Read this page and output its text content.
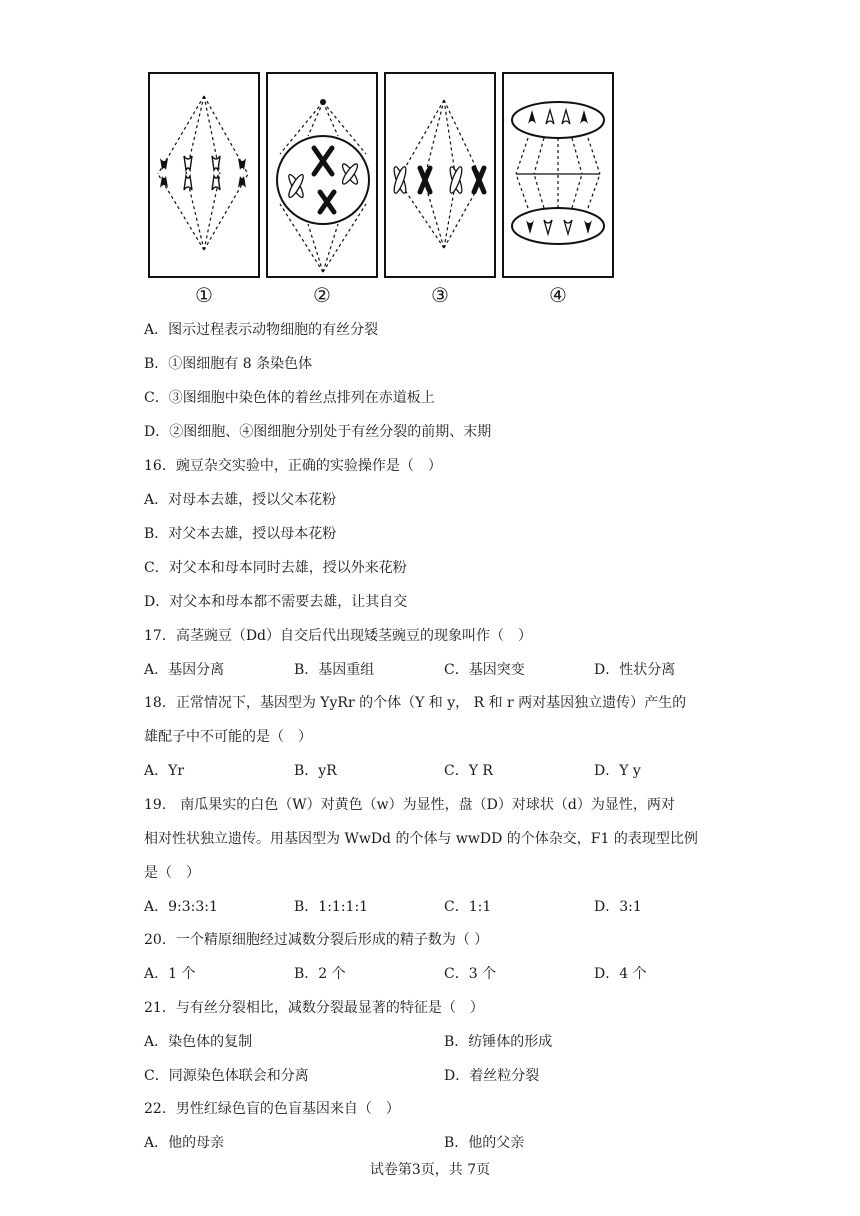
①	②	③	④
A．图示过程表示动物细胞的有丝分裂
B．①图细胞有 8 条染色体
C．③图细胞中染色体的着丝点排列在赤道板上
D．②图细胞、④图细胞分别处于有丝分裂的前期、末期
16．豌豆杂交实验中，正确的实验操作是（　）
A．对母本去雄，授以父本花粉
B．对父本去雄，授以母本花粉
C．对父本和母本同时去雄，授以外来花粉
D．对父本和母本都不需要去雄，让其自交
17．高茎豌豆（Dd）自交后代出现矮茎豌豆的现象叫作（　）
A．基因分离	B．基因重组	C．基因突变	D．性状分离
18．正常情况下，基因型为 YyRr 的个体（Y 和 y， R 和 r 两对基因独立遗传）产生的
雄配子中不可能的是（　）
A．Yr	B．yR	C．Y R	D．Y y
19． 南瓜果实的白色（W）对黄色（w）为显性，盘（D）对球状（d）为显性，两对
相对性状独立遗传。用基因型为 WwDd 的个体与 wwDD 的个体杂交，F1 的表现型比例
是（　）
A．9:3:3:1	B．1:1:1:1	C．1:1	D．3:1
20．一个精原细胞经过减数分裂后形成的精子数为（ ）
A．1 个	B．2 个	C．3 个	D．4 个
21．与有丝分裂相比，减数分裂最显著的特征是（　）
A．染色体的复制	B．纺锤体的形成
C．同源染色体联会和分离	D．着丝粒分裂
22．男性红绿色盲的色盲基因来自（　）
A．他的母亲	B．他的父亲
试卷第3页，共 7页
